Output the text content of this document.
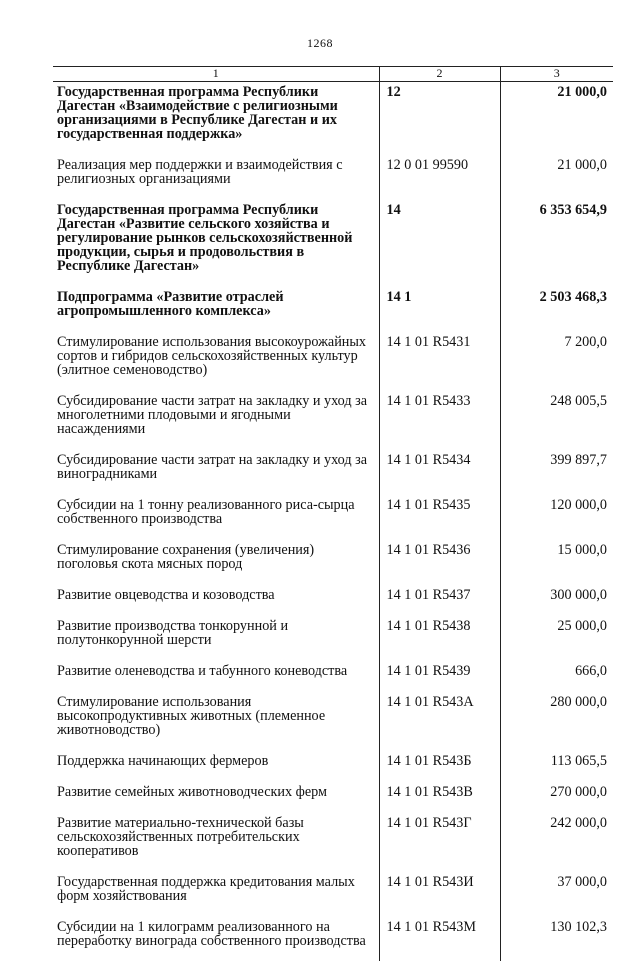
1268
1	2	3
Государственная программа Республики Дагестан «Взаимодействие с религиозными организациями в Республике Дагестан и их государственная поддержка»	12	21 000,0
Реализация мер поддержки и взаимодействия с религиозных организациями	12 0 01 99590	21 000,0
Государственная программа Республики Дагестан «Развитие сельского хозяйства и регулирование рынков сельскохозяйственной продукции, сырья и продовольствия в Республике Дагестан»	14	6 353 654,9
Подпрограмма «Развитие отраслей агропромышленного комплекса»	14 1	2 503 468,3
Стимулирование использования высокоурожайных сортов и гибридов сельскохозяйственных культур (элитное семеноводство)	14 1 01 R5431	7 200,0
Субсидирование части затрат на закладку и уход за многолетними плодовыми и ягодными насаждениями	14 1 01 R5433	248 005,5
Субсидирование части затрат на закладку и уход за виноградниками	14 1 01 R5434	399 897,7
Субсидии на 1 тонну реализованного риса-сырца собственного производства	14 1 01 R5435	120 000,0
Стимулирование сохранения (увеличения) поголовья скота мясных пород	14 1 01 R5436	15 000,0
Развитие овцеводства и козоводства	14 1 01 R5437	300 000,0
Развитие производства тонкорунной и полутонкорунной шерсти	14 1 01 R5438	25 000,0
Развитие оленеводства и табунного коневодства	14 1 01 R5439	666,0
Стимулирование использования высокопродуктивных животных (племенное животноводство)	14 1 01 R543А	280 000,0
Поддержка начинающих фермеров	14 1 01 R543Б	113 065,5
Развитие семейных животноводческих ферм	14 1 01 R543В	270 000,0
Развитие материально-технической базы сельскохозяйственных потребительских кооперативов	14 1 01 R543Г	242 000,0
Государственная поддержка кредитования малых форм хозяйствования	14 1 01 R543И	37 000,0
Субсидии на 1 килограмм реализованного на переработку винограда собственного производства	14 1 01 R543М	130 102,3
